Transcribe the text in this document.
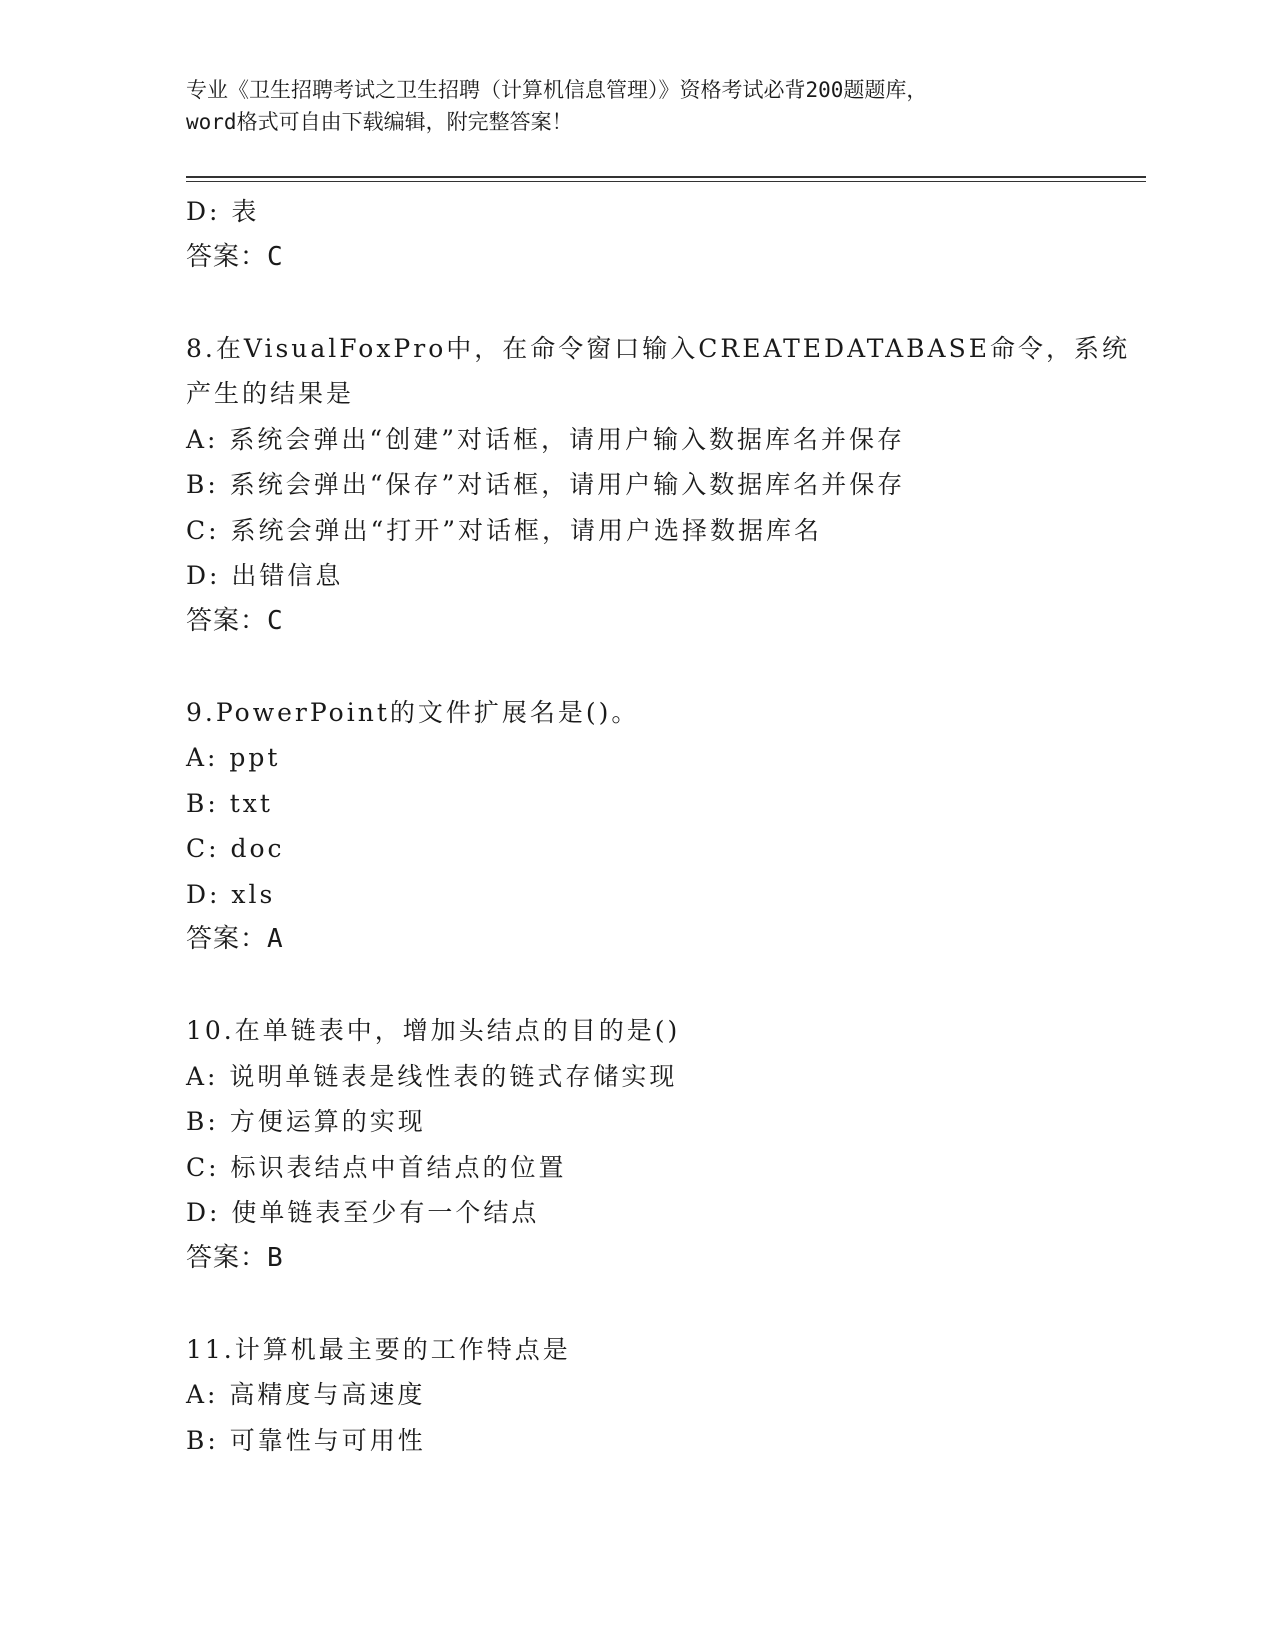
专业《卫生招聘考试之卫生招聘（计算机信息管理）》资格考试必背200题题库，
word格式可自由下载编辑，附完整答案！
D: 表
答案：C
8.在VisualFoxPro中，在命令窗口输入CREATEDATABASE命令，系统
产生的结果是
A: 系统会弹出“创建”对话框，请用户输入数据库名并保存
B: 系统会弹出“保存”对话框，请用户输入数据库名并保存
C: 系统会弹出“打开”对话框，请用户选择数据库名
D: 出错信息
答案：C
9.PowerPoint的文件扩展名是()。
A: ppt
B: txt
C: doc
D: xls
答案：A
10.在单链表中，增加头结点的目的是()
A: 说明单链表是线性表的链式存储实现
B: 方便运算的实现
C: 标识表结点中首结点的位置
D: 使单链表至少有一个结点
答案：B
11.计算机最主要的工作特点是
A: 高精度与高速度
B: 可靠性与可用性
